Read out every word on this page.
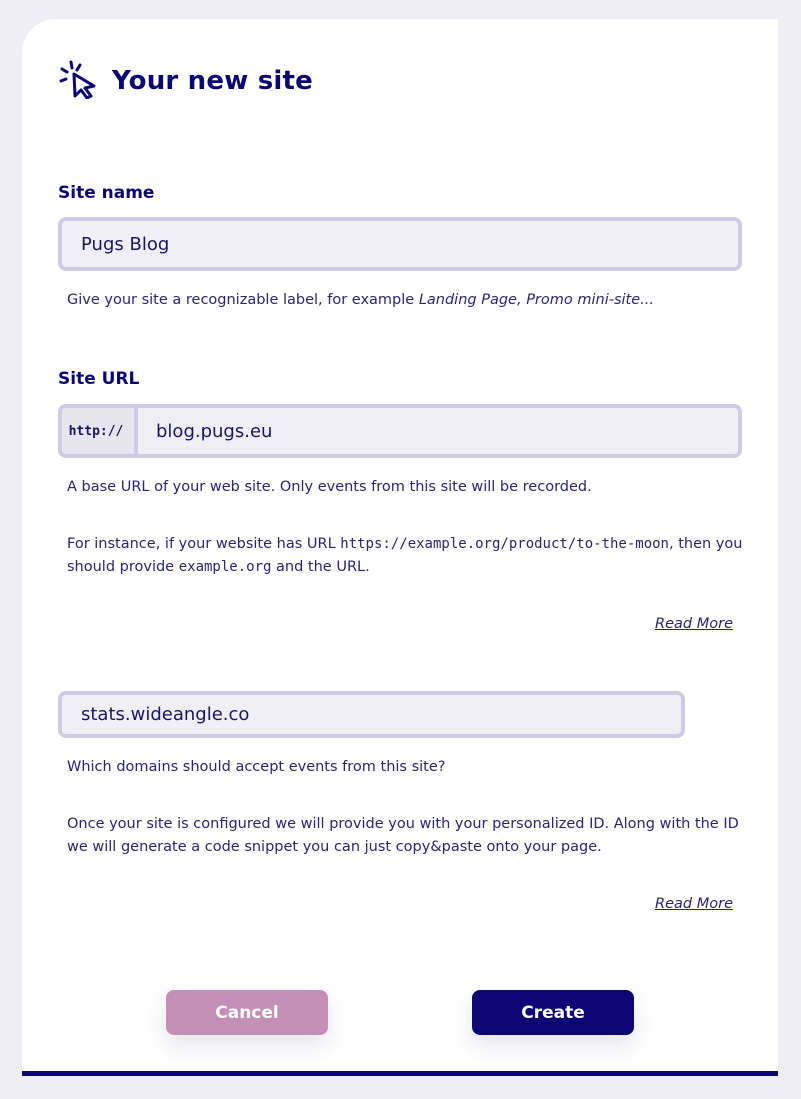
Your new site
Site name
Pugs Blog
Give your site a recognizable label, for example Landing Page, Promo mini-site...
Site URL
http://	blog.pugs.eu
A base URL of your web site. Only events from this site will be recorded.
For instance, if your website has URL https://example.org/product/to-the-moon, then you should provide example.org and the URL.
Read More
stats.wideangle.co
Which domains should accept events from this site?
Once your site is configured we will provide you with your personalized ID. Along with the ID we will generate a code snippet you can just copy&paste onto your page.
Read More
Cancel	Create
